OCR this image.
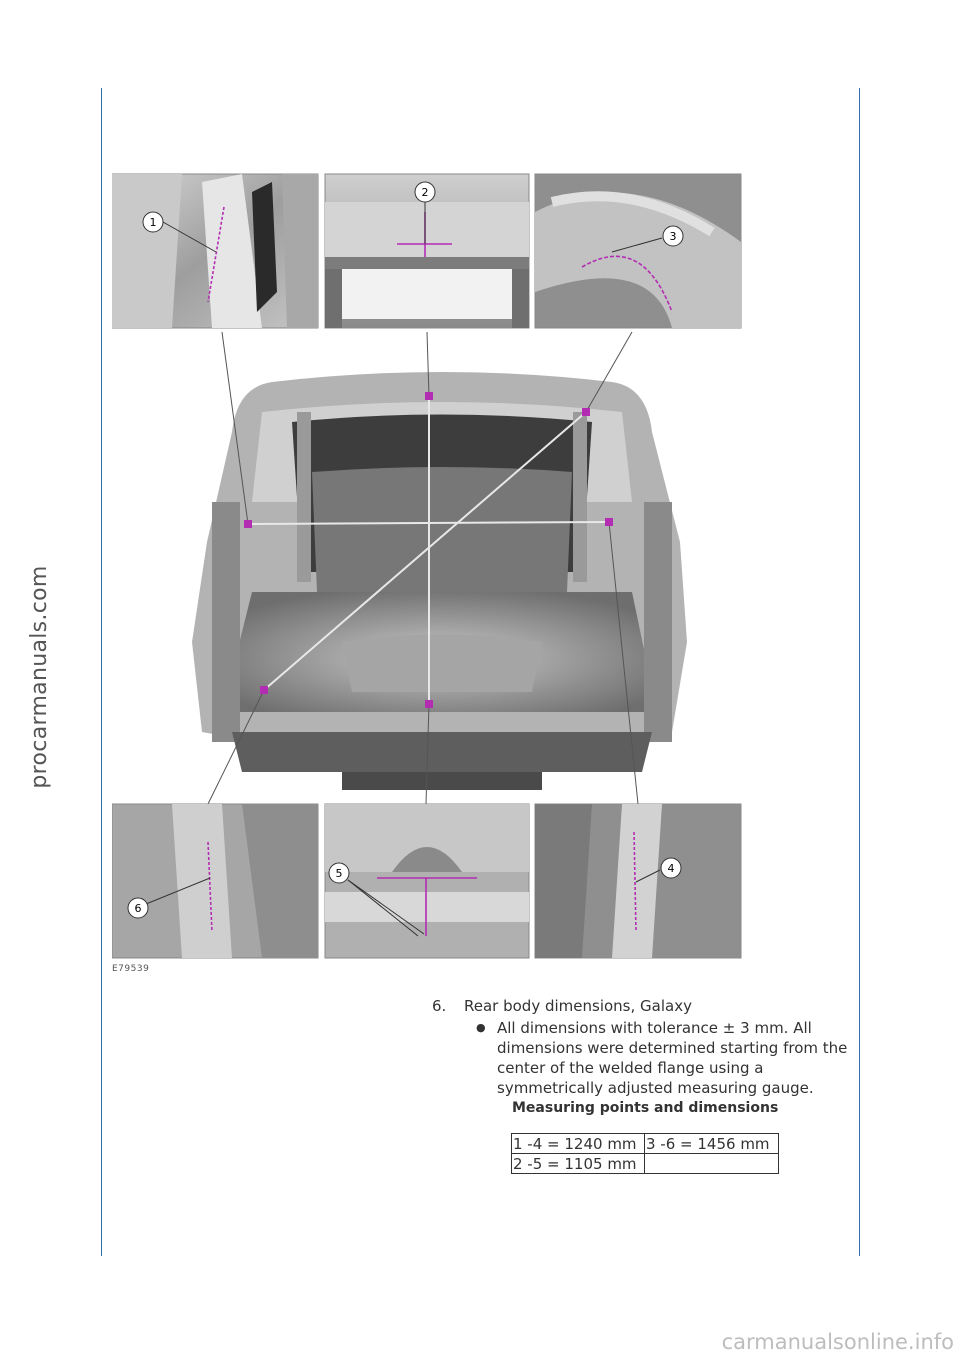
procarmanuals.com
1
2
3
4
5
6
E79539
6. Rear body dimensions, Galaxy
● All dimensions with tolerance ± 3 mm. All dimensions were determined starting from the center of the welded flange using a symmetrically adjusted measuring gauge.
Measuring points and dimensions
1 -4 = 1240 mm	3 -6 = 1456 mm
2 -5 = 1105 mm	
carmanualsonline.info
